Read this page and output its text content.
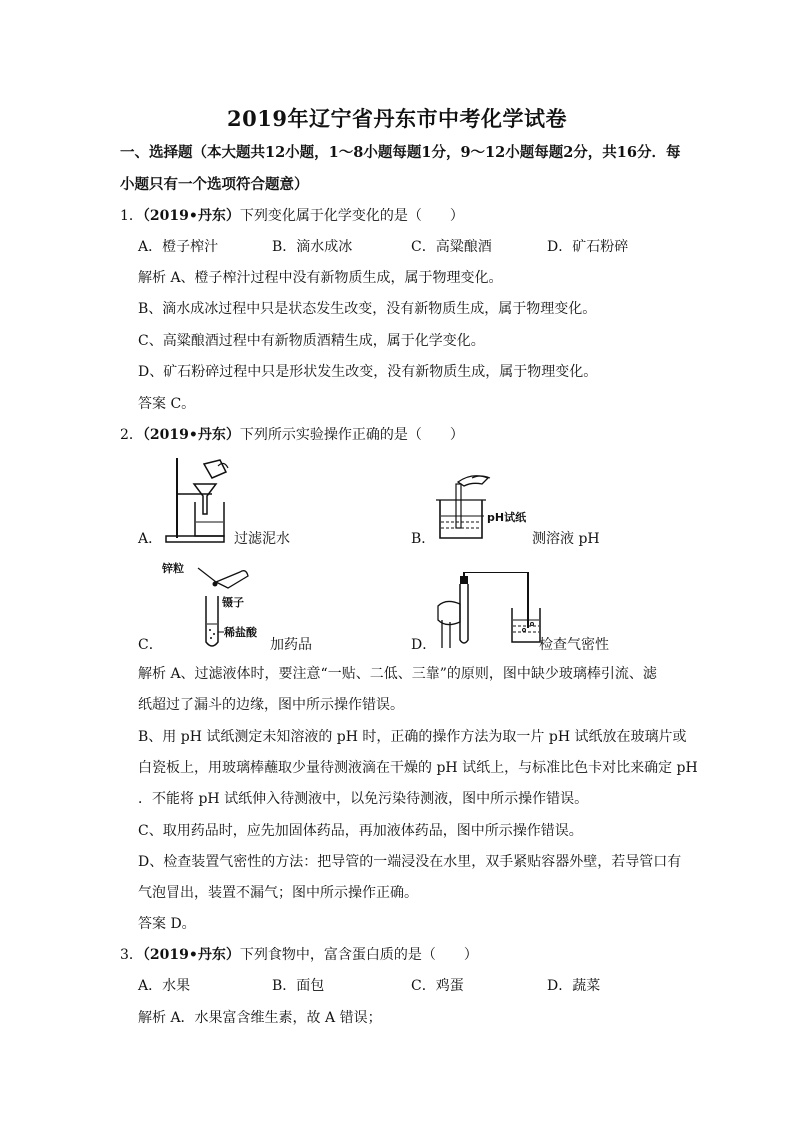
2019年辽宁省丹东市中考化学试卷
一、选择题（本大题共12小题，1～8小题每题1分，9～12小题每题2分，共16分．每
小题只有一个选项符合题意）
1．（2019•丹东）下列变化属于化学变化的是（　　）
A．橙子榨汁	B．滴水成冰	C．高粱酿酒	D．矿石粉碎
解析 A、橙子榨汁过程中没有新物质生成，属于物理变化。
B、滴水成冰过程中只是状态发生改变，没有新物质生成，属于物理变化。
C、高粱酿酒过程中有新物质酒精生成，属于化学变化。
D、矿石粉碎过程中只是形状发生改变，没有新物质生成，属于物理变化。
答案 C。
2．（2019•丹东）下列所示实验操作正确的是（　　）
A．	过滤泥水
pH试纸
B．	测溶液 pH
锌粒
镊子
稀盐酸
C．	加药品	D．	检查气密性
解析 A、过滤液体时，要注意“一贴、二低、三靠”的原则，图中缺少玻璃棒引流、滤
纸超过了漏斗的边缘，图中所示操作错误。
B、用 pH 试纸测定未知溶液的 pH 时，正确的操作方法为取一片 pH 试纸放在玻璃片或
白瓷板上，用玻璃棒蘸取少量待测液滴在干燥的 pH 试纸上，与标准比色卡对比来确定 pH
．不能将 pH 试纸伸入待测液中，以免污染待测液，图中所示操作错误。
C、取用药品时，应先加固体药品，再加液体药品，图中所示操作错误。
D、检查装置气密性的方法：把导管的一端浸没在水里，双手紧贴容器外壁，若导管口有
气泡冒出，装置不漏气；图中所示操作正确。
答案 D。
3．（2019•丹东）下列食物中，富含蛋白质的是（　　）
A．水果	B．面包	C．鸡蛋	D．蔬菜
解析 A．水果富含维生素，故 A 错误；
